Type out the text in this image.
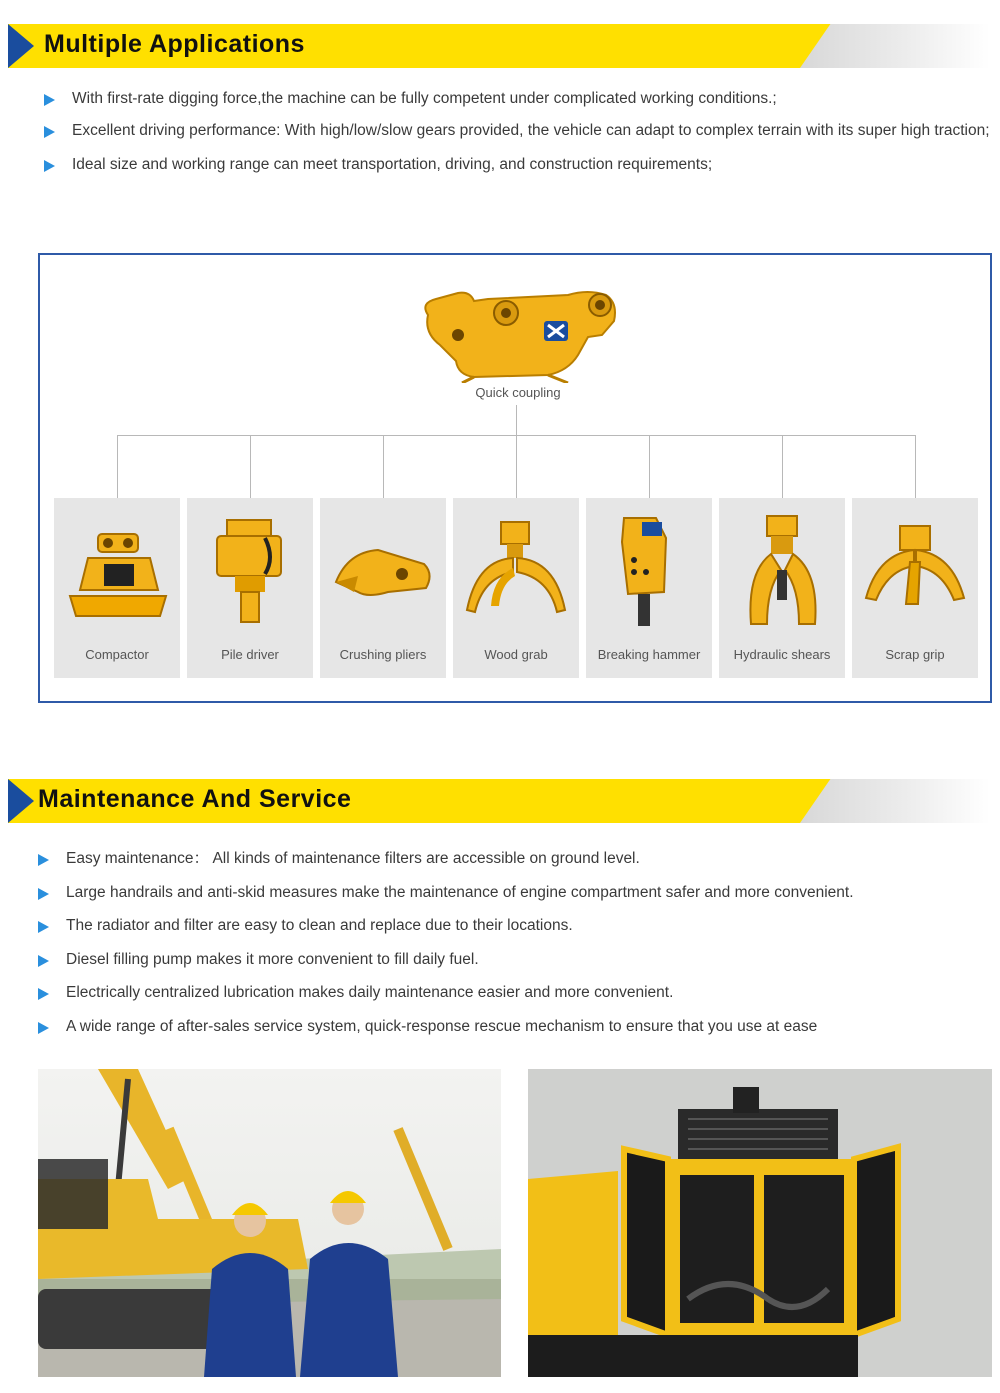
Multiple Applications
With first-rate digging force,the machine can be fully competent under complicated working conditions.;
Excellent driving performance: With high/low/slow gears provided, the vehicle can adapt to complex terrain with its super high traction;
Ideal size and working range can meet transportation, driving, and construction requirements;
Quick coupling
Compactor	Pile driver	Crushing pliers	Wood grab	Breaking hammer	Hydraulic shears	Scrap grip
Maintenance And Service
Easy maintenance： All kinds of maintenance filters are accessible on ground level.
Large handrails and anti-skid measures make the maintenance of engine compartment safer and more convenient.
The radiator and filter are easy to clean and replace due to their locations.
Diesel filling pump makes it more convenient to fill daily fuel.
Electrically centralized lubrication makes daily maintenance easier and more convenient.
A wide range of after-sales service system, quick-response rescue mechanism to ensure that you use at ease
